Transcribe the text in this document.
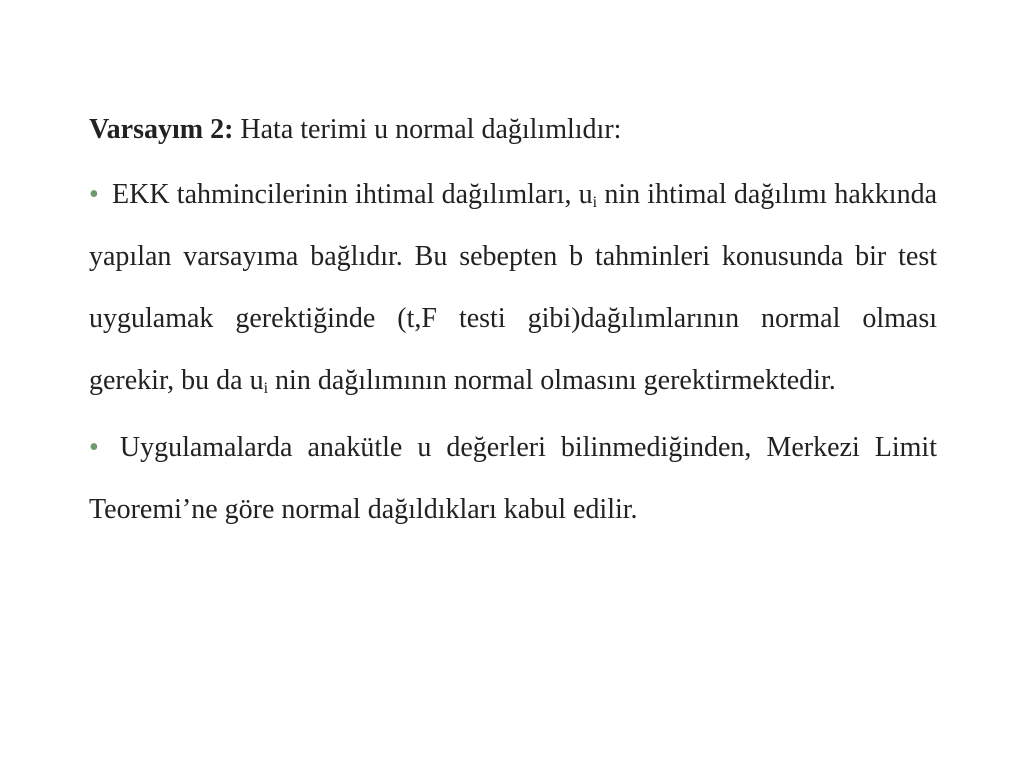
Varsayım 2: Hata terimi u normal dağılımlıdır:

• EKK tahmincilerinin ihtimal dağılımları, $u_i$ nin ihtimal dağılımı hakkında yapılan varsayıma bağlıdır. Bu sebepten b tahminleri konusunda bir test uygulamak gerektiğinde (t,F testi gibi)dağılımlarının normal olması gerekir, bu da $u_i$ nin dağılımının normal olmasını gerektirmektedir.

• Uygulamalarda anakütle u değerleri bilinmediğinden, Merkezi Limit Teoremi’ne göre normal dağıldıkları kabul edilir.
